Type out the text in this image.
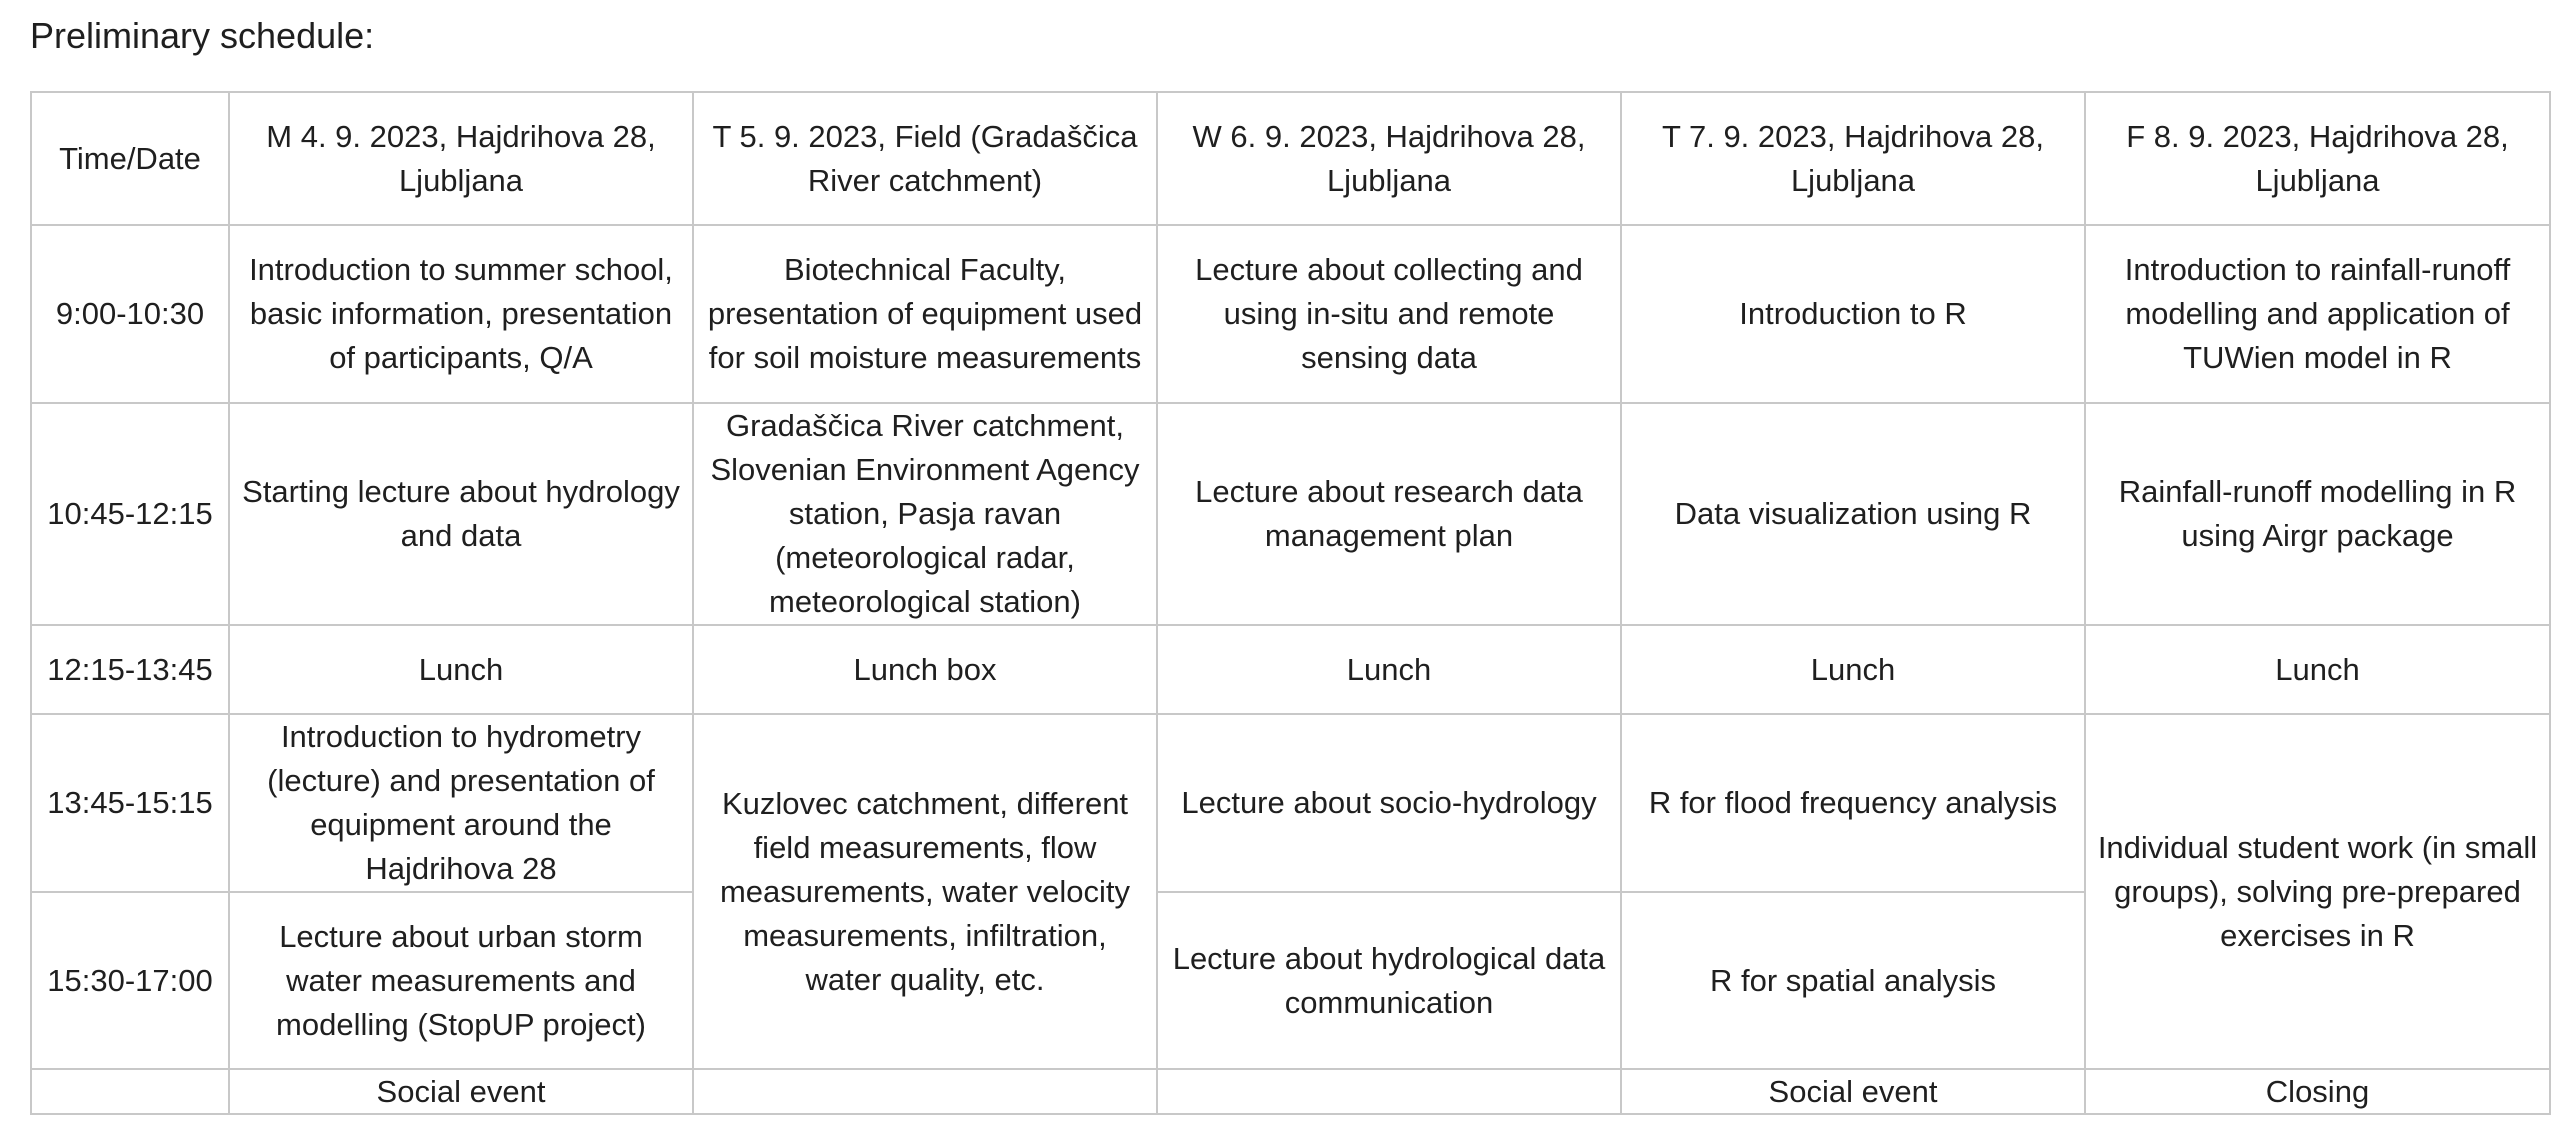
Preliminary schedule:
Time/Date	M 4. 9. 2023, Hajdrihova 28, Ljubljana	T 5. 9. 2023, Field (Gradaščica River catchment)	W 6. 9. 2023, Hajdrihova 28, Ljubljana	T 7. 9. 2023, Hajdrihova 28, Ljubljana	F 8. 9. 2023, Hajdrihova 28, Ljubljana
9:00-10:30	Introduction to summer school, basic information, presentation of participants, Q/A	Biotechnical Faculty, presentation of equipment used for soil moisture measurements	Lecture about collecting and using in-situ and remote sensing data	Introduction to R	Introduction to rainfall-runoff modelling and application of TUWien model in R
10:45-12:15	Starting lecture about hydrology and data	Gradaščica River catchment, Slovenian Environment Agency station, Pasja ravan (meteorological radar, meteorological station)	Lecture about research data management plan	Data visualization using R	Rainfall-runoff modelling in R using Airgr package
12:15-13:45	Lunch	Lunch box	Lunch	Lunch	Lunch
13:45-15:15	Introduction to hydrometry (lecture) and presentation of equipment around the Hajdrihova 28	Kuzlovec catchment, different field measurements, flow measurements, water velocity measurements, infiltration, water quality, etc.	Lecture about socio-hydrology	R for flood frequency analysis	Individual student work (in small groups), solving pre-prepared exercises in R
15:30-17:00	Lecture about urban storm water measurements and modelling (StopUP project)		Lecture about hydrological data communication	R for spatial analysis	
	Social event			Social event	Closing
